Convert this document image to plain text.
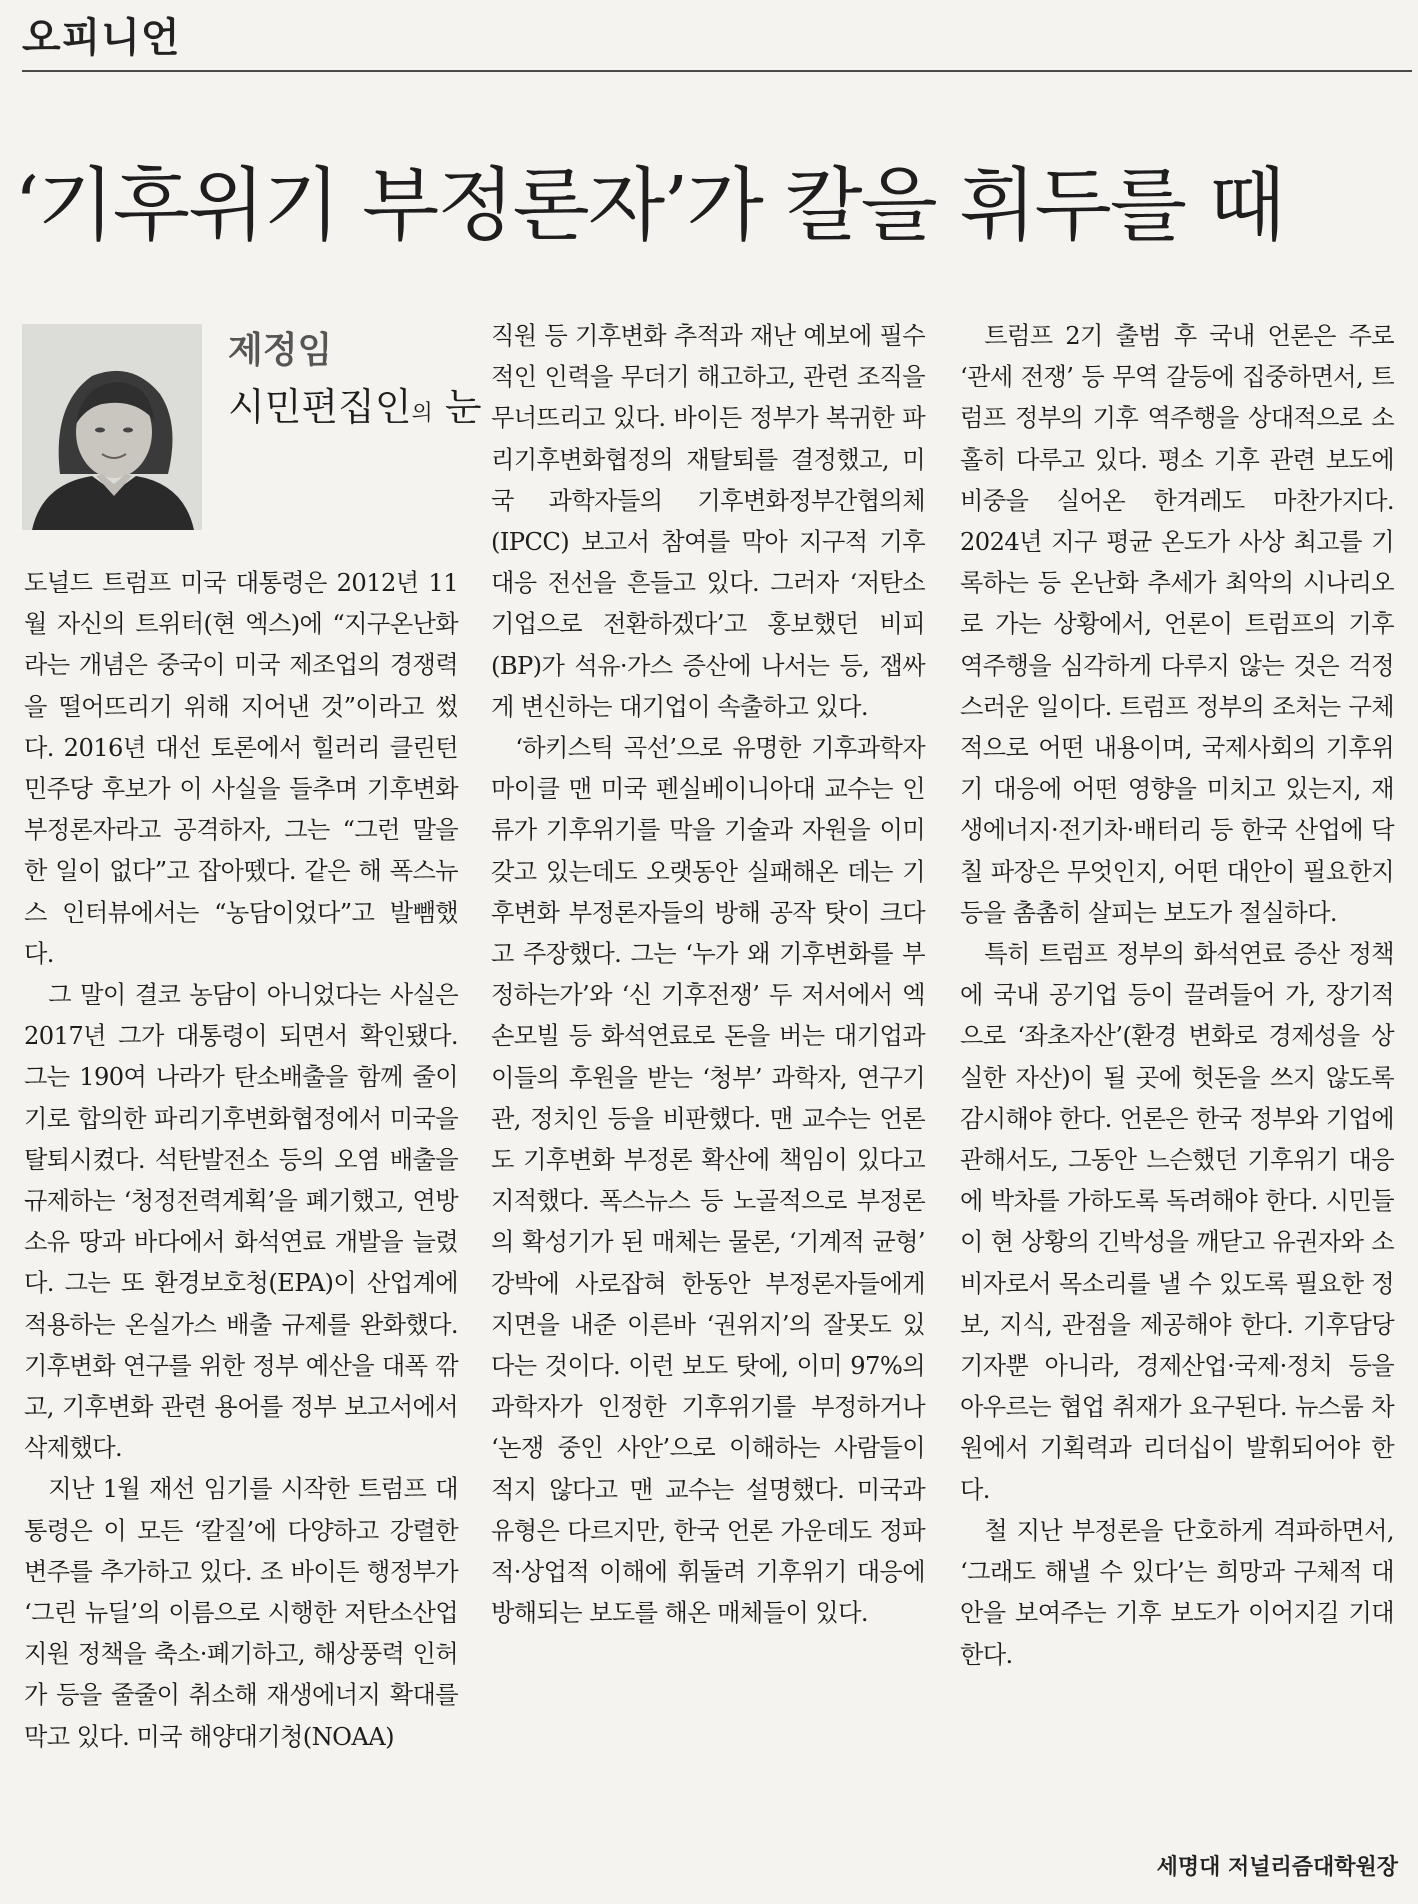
오피니언
‘기후위기 부정론자’가 칼을 휘두를 때
제정임
시민편집인의 눈

도널드 트럼프 미국 대통령은 2012년 11월 자신의 트위터(현 엑스)에 “지구온난화라는 개념은 중국이 미국 제조업의 경쟁력을 떨어뜨리기 위해 지어낸 것”이라고 썼다. 2016년 대선 토론에서 힐러리 클린턴 민주당 후보가 이 사실을 들추며 기후변화 부정론자라고 공격하자, 그는 “그런 말을 한 일이 없다”고 잡아뗐다. 같은 해 폭스뉴스 인터뷰에서는 “농담이었다”고 발뺌했다.

그 말이 결코 농담이 아니었다는 사실은 2017년 그가 대통령이 되면서 확인됐다. 그는 190여 나라가 탄소배출을 함께 줄이기로 합의한 파리기후변화협정에서 미국을 탈퇴시켰다. 석탄발전소 등의 오염 배출을 규제하는 ‘청정전력계획’을 폐기했고, 연방 소유 땅과 바다에서 화석연료 개발을 늘렸다. 그는 또 환경보호청(EPA)이 산업계에 적용하는 온실가스 배출 규제를 완화했다. 기후변화 연구를 위한 정부 예산을 대폭 깎고, 기후변화 관련 용어를 정부 보고서에서 삭제했다.

지난 1월 재선 임기를 시작한 트럼프 대통령은 이 모든 ‘칼질’에 다양하고 강렬한 변주를 추가하고 있다. 조 바이든 행정부가 ‘그린 뉴딜’의 이름으로 시행한 저탄소산업 지원 정책을 축소·폐기하고, 해상풍력 인허가 등을 줄줄이 취소해 재생에너지 확대를 막고 있다. 미국 해양대기청(NOAA)

직원 등 기후변화 추적과 재난 예보에 필수적인 인력을 무더기 해고하고, 관련 조직을 무너뜨리고 있다. 바이든 정부가 복귀한 파리기후변화협정의 재탈퇴를 결정했고, 미국 과학자들의 기후변화정부간협의체(IPCC) 보고서 참여를 막아 지구적 기후 대응 전선을 흔들고 있다. 그러자 ‘저탄소 기업으로 전환하겠다’고 홍보했던 비피(BP)가 석유·가스 증산에 나서는 등, 잽싸게 변신하는 대기업이 속출하고 있다.

‘하키스틱 곡선’으로 유명한 기후과학자 마이클 맨 미국 펜실베이니아대 교수는 인류가 기후위기를 막을 기술과 자원을 이미 갖고 있는데도 오랫동안 실패해온 데는 기후변화 부정론자들의 방해 공작 탓이 크다고 주장했다. 그는 ‘누가 왜 기후변화를 부정하는가’와 ‘신 기후전쟁’ 두 저서에서 엑손모빌 등 화석연료로 돈을 버는 대기업과 이들의 후원을 받는 ‘청부’ 과학자, 연구기관, 정치인 등을 비판했다. 맨 교수는 언론도 기후변화 부정론 확산에 책임이 있다고 지적했다. 폭스뉴스 등 노골적으로 부정론의 확성기가 된 매체는 물론, ‘기계적 균형’ 강박에 사로잡혀 한동안 부정론자들에게 지면을 내준 이른바 ‘권위지’의 잘못도 있다는 것이다. 이런 보도 탓에, 이미 97%의 과학자가 인정한 기후위기를 부정하거나 ‘논쟁 중인 사안’으로 이해하는 사람들이 적지 않다고 맨 교수는 설명했다. 미국과 유형은 다르지만, 한국 언론 가운데도 정파적·상업적 이해에 휘둘려 기후위기 대응에 방해되는 보도를 해온 매체들이 있다.

트럼프 2기 출범 후 국내 언론은 주로 ‘관세 전쟁’ 등 무역 갈등에 집중하면서, 트럼프 정부의 기후 역주행을 상대적으로 소홀히 다루고 있다. 평소 기후 관련 보도에 비중을 실어온 한겨레도 마찬가지다. 2024년 지구 평균 온도가 사상 최고를 기록하는 등 온난화 추세가 최악의 시나리오로 가는 상황에서, 언론이 트럼프의 기후 역주행을 심각하게 다루지 않는 것은 걱정스러운 일이다. 트럼프 정부의 조처는 구체적으로 어떤 내용이며, 국제사회의 기후위기 대응에 어떤 영향을 미치고 있는지, 재생에너지·전기차·배터리 등 한국 산업에 닥칠 파장은 무엇인지, 어떤 대안이 필요한지 등을 촘촘히 살피는 보도가 절실하다.

특히 트럼프 정부의 화석연료 증산 정책에 국내 공기업 등이 끌려들어 가, 장기적으로 ‘좌초자산’(환경 변화로 경제성을 상실한 자산)이 될 곳에 헛돈을 쓰지 않도록 감시해야 한다. 언론은 한국 정부와 기업에 관해서도, 그동안 느슨했던 기후위기 대응에 박차를 가하도록 독려해야 한다. 시민들이 현 상황의 긴박성을 깨닫고 유권자와 소비자로서 목소리를 낼 수 있도록 필요한 정보, 지식, 관점을 제공해야 한다. 기후담당 기자뿐 아니라, 경제산업·국제·정치 등을 아우르는 협업 취재가 요구된다. 뉴스룸 차원에서 기획력과 리더십이 발휘되어야 한다.

철 지난 부정론을 단호하게 격파하면서, ‘그래도 해낼 수 있다’는 희망과 구체적 대안을 보여주는 기후 보도가 이어지길 기대한다.

세명대 저널리즘대학원장
